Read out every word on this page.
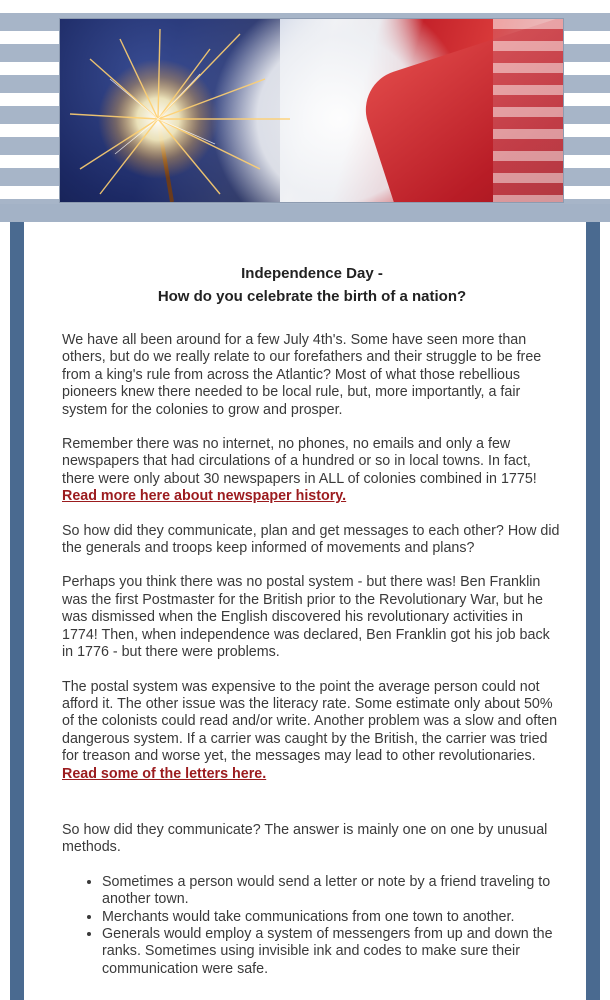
Independence Day -
How do you celebrate the birth of a nation?

We have all been around for a few July 4th's. Some have seen more than others, but do we really relate to our forefathers and their struggle to be free from a king's rule from across the Atlantic? Most of what those rebellious pioneers knew there needed to be local rule, but, more importantly, a fair system for the colonies to grow and prosper.

Remember there was no internet, no phones, no emails and only a few newspapers that had circulations of a hundred or so in local towns. In fact, there were only about 30 newspapers in ALL of colonies combined in 1775! Read more here about newspaper history.

So how did they communicate, plan and get messages to each other? How did the generals and troops keep informed of movements and plans?

Perhaps you think there was no postal system - but there was! Ben Franklin was the first Postmaster for the British prior to the Revolutionary War, but he was dismissed when the English discovered his revolutionary activities in 1774! Then, when independence was declared, Ben Franklin got his job back in 1776 - but there were problems.

The postal system was expensive to the point the average person could not afford it. The other issue was the literacy rate. Some estimate only about 50% of the colonists could read and/or write. Another problem was a slow and often dangerous system. If a carrier was caught by the British, the carrier was tried for treason and worse yet, the messages may lead to other revolutionaries. Read some of the letters here.

So how did they communicate? The answer is mainly one on one by unusual methods.

• Sometimes a person would send a letter or note by a friend traveling to another town.
• Merchants would take communications from one town to another.
• Generals would employ a system of messengers from up and down the ranks. Sometimes using invisible ink and codes to make sure their communication were safe.
